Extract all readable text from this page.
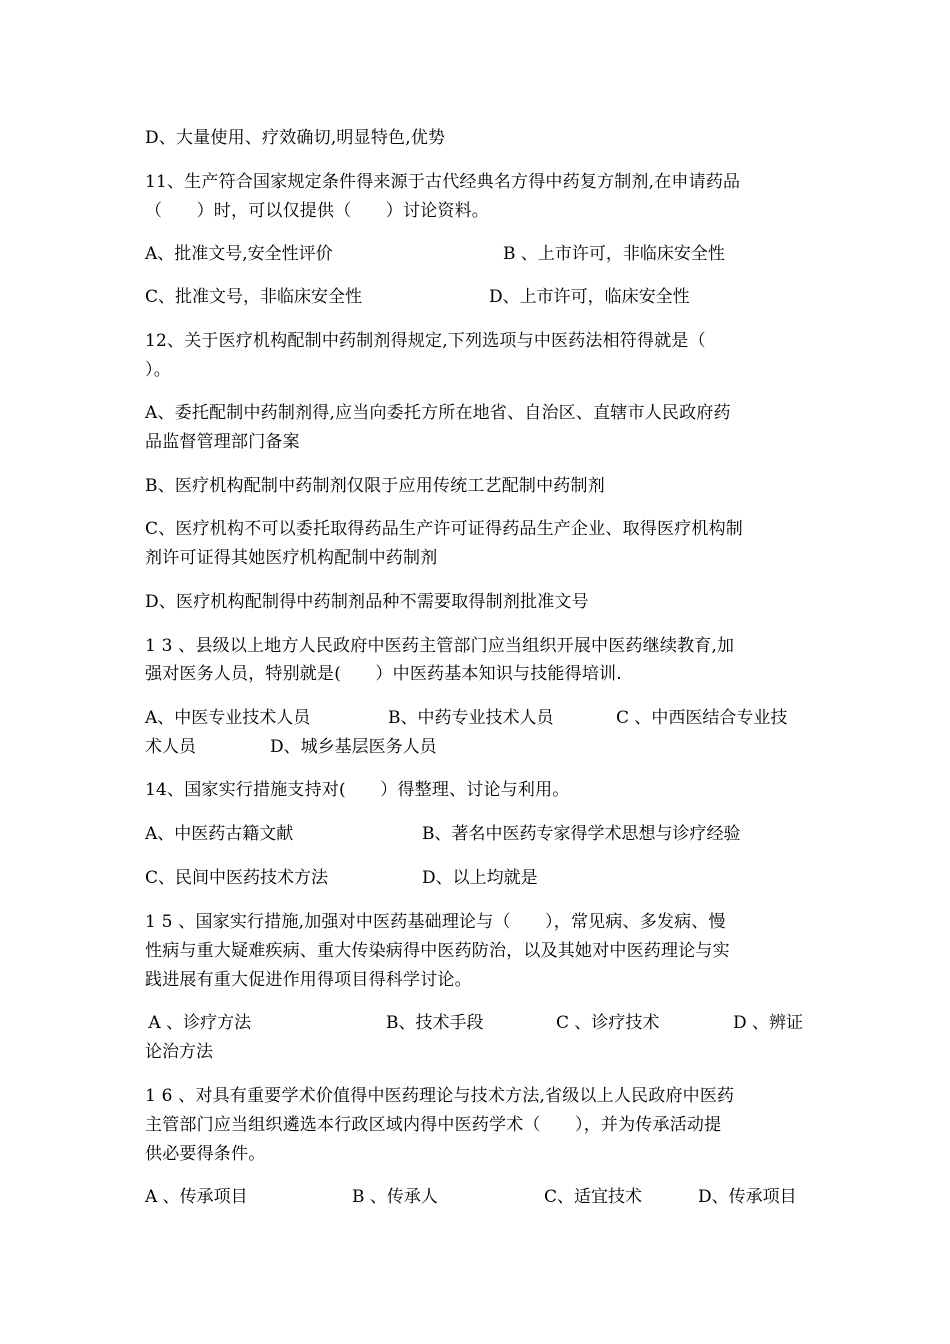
D、大量使用、疗效确切,明显特色,优势
11、生产符合国家规定条件得来源于古代经典名方得中药复方制剂,在申请药品
（　　）时，可以仅提供（　　）讨论资料。
A、批准文号,安全性评价	B 、上市许可，非临床安全性
C、批准文号，非临床安全性	D、上市许可，临床安全性
12、关于医疗机构配制中药制剂得规定,下列选项与中医药法相符得就是（
）。
A、委托配制中药制剂得,应当向委托方所在地省、自治区、直辖市人民政府药
品监督管理部门备案
B、医疗机构配制中药制剂仅限于应用传统工艺配制中药制剂
C、医疗机构不可以委托取得药品生产许可证得药品生产企业、取得医疗机构制
剂许可证得其她医疗机构配制中药制剂
D、医疗机构配制得中药制剂品种不需要取得制剂批准文号
1 3 、县级以上地方人民政府中医药主管部门应当组织开展中医药继续教育,加
强对医务人员，特别就是(　　）中医药基本知识与技能得培训.
A、中医专业技术人员	B、中药专业技术人员	C 、中西医结合专业技
术人员	D、城乡基层医务人员
14、国家实行措施支持对(　　）得整理、讨论与利用。
A、中医药古籍文献	B、著名中医药专家得学术思想与诊疗经验
C、民间中医药技术方法	D、以上均就是
1 5 、国家实行措施,加强对中医药基础理论与（　　），常见病、多发病、慢
性病与重大疑难疾病、重大传染病得中医药防治，以及其她对中医药理论与实
践进展有重大促进作用得项目得科学讨论。
A 、诊疗方法	B、技术手段	C 、诊疗技术	D 、辨证
论治方法
1 6 、对具有重要学术价值得中医药理论与技术方法,省级以上人民政府中医药
主管部门应当组织遴选本行政区域内得中医药学术（　　），并为传承活动提
供必要得条件。
A 、传承项目	B 、传承人	C、适宜技术	D、传承项目
